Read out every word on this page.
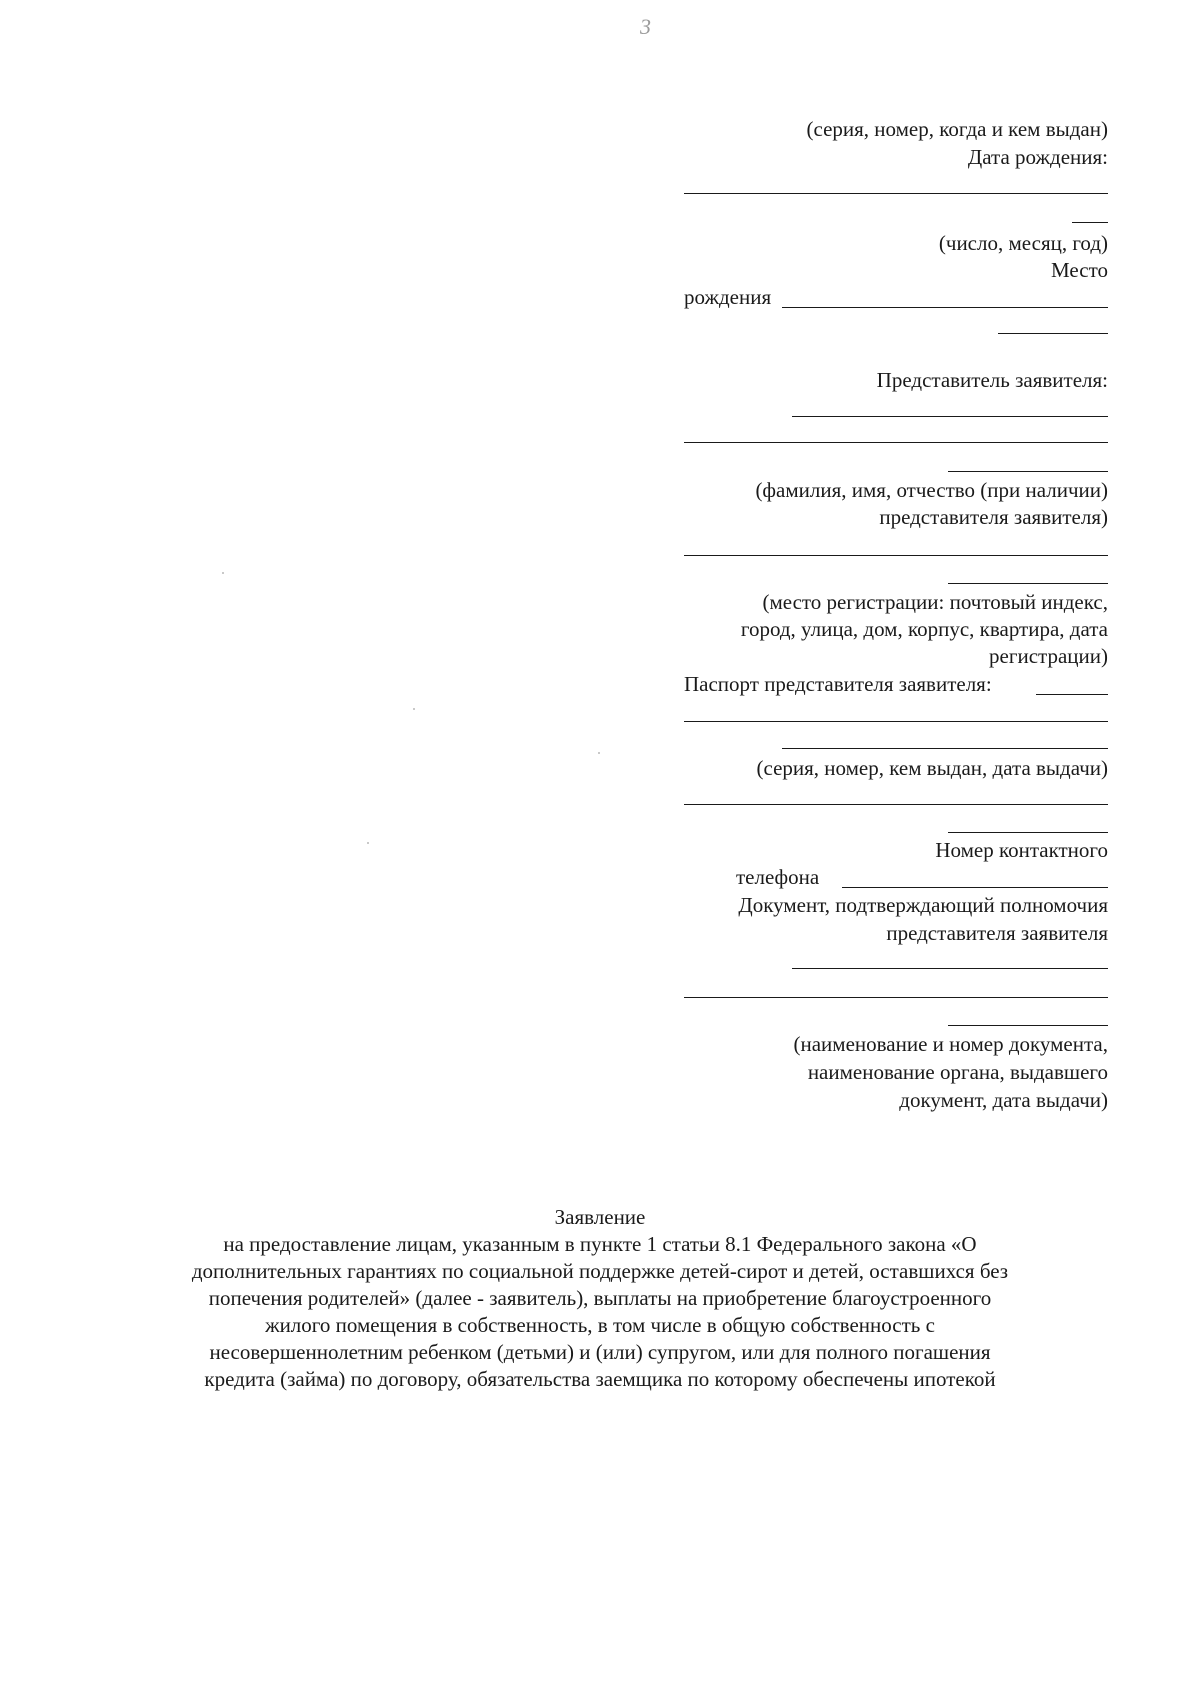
3
(серия, номер, когда и кем выдан)
Дата рождения:
(число, месяц, год)
Место
рождения
Представитель заявителя:
(фамилия, имя, отчество (при наличии)
представителя заявителя)
(место регистрации: почтовый индекс,
город, улица, дом, корпус, квартира, дата
регистрации)
Паспорт представителя заявителя:
(серия, номер, кем выдан, дата выдачи)
Номер контактного
телефона
Документ, подтверждающий полномочия
представителя заявителя
(наименование и номер документа,
наименование органа, выдавшего
документ, дата выдачи)
Заявление
на предоставление лицам, указанным в пункте 1 статьи 8.1 Федерального закона «О
дополнительных гарантиях по социальной поддержке детей-сирот и детей, оставшихся без
попечения родителей» (далее - заявитель), выплаты на приобретение благоустроенного
жилого помещения в собственность, в том числе в общую собственность с
несовершеннолетним ребенком (детьми) и (или) супругом, или для полного погашения
кредита (займа) по договору, обязательства заемщика по которому обеспечены ипотекой
